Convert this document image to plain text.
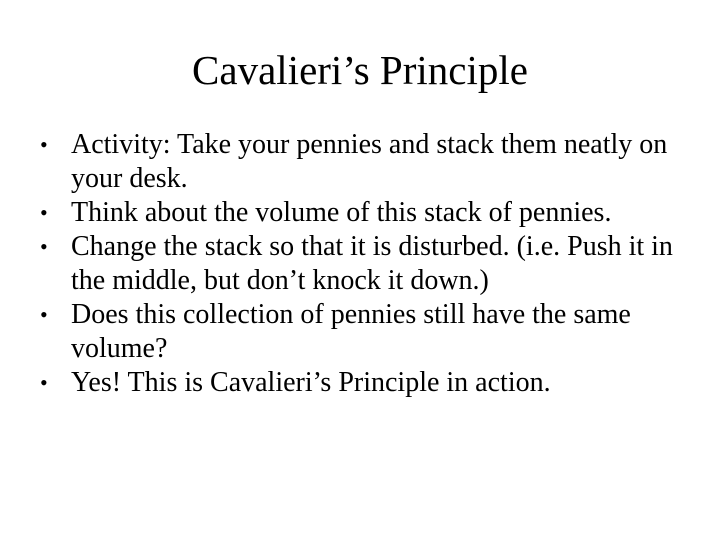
Cavalieri’s Principle
• Activity: Take your pennies and stack them neatly on your desk.
• Think about the volume of this stack of pennies.
• Change the stack so that it is disturbed. (i.e. Push it in the middle, but don’t knock it down.)
• Does this collection of pennies still have the same volume?
• Yes! This is Cavalieri’s Principle in action.
